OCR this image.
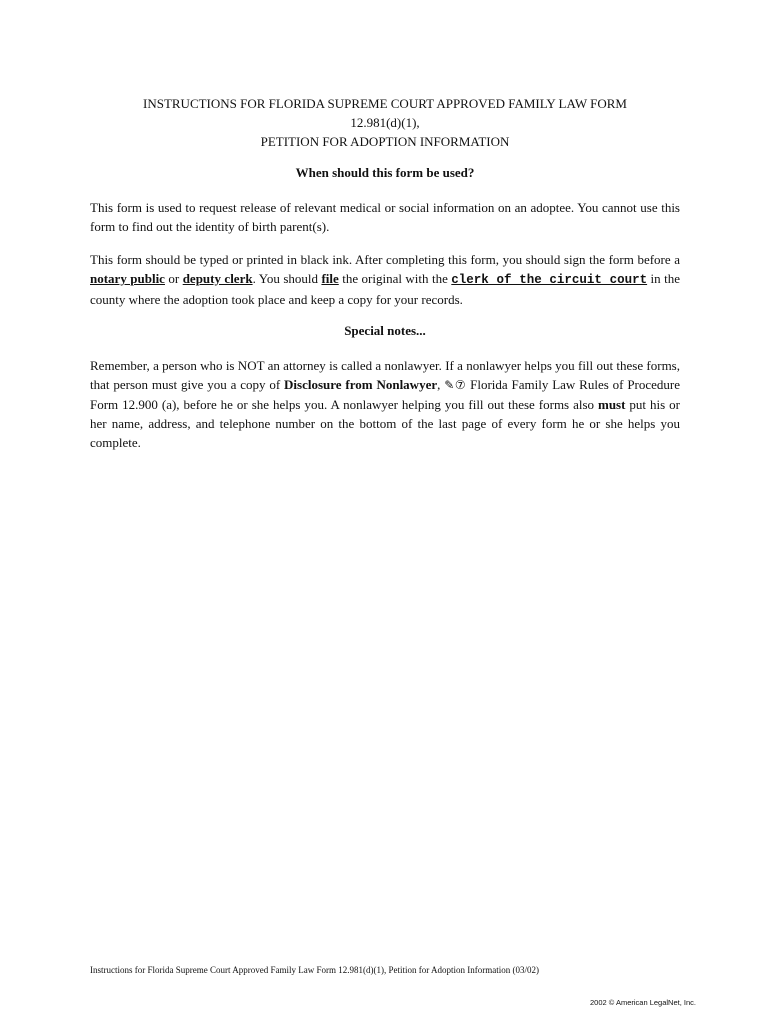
INSTRUCTIONS FOR FLORIDA SUPREME COURT APPROVED FAMILY LAW FORM
12.981(d)(1),
PETITION FOR ADOPTION INFORMATION
When should this form be used?
This form is used to request release of relevant medical or social information on an adoptee. You cannot use this form to find out the identity of birth parent(s).
This form should be typed or printed in black ink. After completing this form, you should sign the form before a notary public or deputy clerk. You should file the original with the clerk of the circuit court in the county where the adoption took place and keep a copy for your records.
Special notes...
Remember, a person who is NOT an attorney is called a nonlawyer. If a nonlawyer helps you fill out these forms, that person must give you a copy of Disclosure from Nonlawyer, ✎⑦ Florida Family Law Rules of Procedure Form 12.900 (a), before he or she helps you. A nonlawyer helping you fill out these forms also must put his or her name, address, and telephone number on the bottom of the last page of every form he or she helps you complete.
Instructions for Florida Supreme Court Approved Family Law Form 12.981(d)(1), Petition for Adoption Information (03/02)
2002 © American LegalNet, Inc.
